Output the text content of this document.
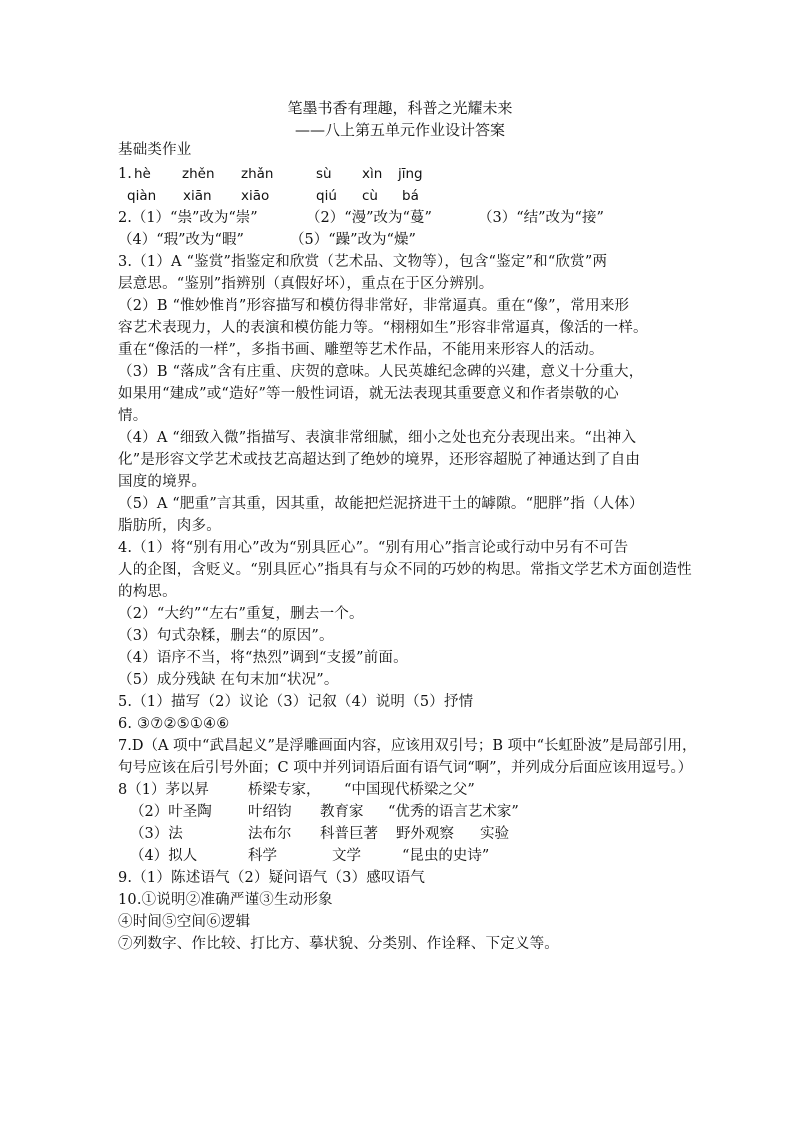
笔墨书香有理趣，科普之光耀未来
——八上第五单元作业设计答案
基础类作业
1. hè zhěn zhǎn	sù xìn jīng
qiàn xiān xiāo	qiú cù bá
2.（1）“祟”改为“崇”	（2）“漫”改为“蔓”	（3）“结”改为“接”
（4）“瑕”改为“暇”	（5）“躁”改为“燥”
3.（1）A “鉴赏”指鉴定和欣赏（艺术品、文物等），包含“鉴定”和“欣赏”两
层意思。“鉴别”指辨别（真假好坏），重点在于区分辨别。
（2）B “惟妙惟肖”形容描写和模仿得非常好，非常逼真。重在“像”，常用来形
容艺术表现力，人的表演和模仿能力等。“栩栩如生”形容非常逼真，像活的一样。
重在“像活的一样”，多指书画、雕塑等艺术作品，不能用来形容人的活动。
（3）B “落成”含有庄重、庆贺的意味。人民英雄纪念碑的兴建，意义十分重大，
如果用“建成”或“造好”等一般性词语，就无法表现其重要意义和作者崇敬的心
情。
（4）A “细致入微”指描写、表演非常细腻，细小之处也充分表现出来。“出神入
化”是形容文学艺术或技艺高超达到了绝妙的境界，还形容超脱了神通达到了自由
国度的境界。
（5）A “肥重”言其重，因其重，故能把烂泥挤进干土的罅隙。“肥胖”指（人体）
脂肪所，肉多。
4.（1）将“别有用心”改为“别具匠心”。“别有用心”指言论或行动中另有不可告
人的企图，含贬义。“别具匠心”指具有与众不同的巧妙的构思。常指文学艺术方面创造性
的构思。
（2）“大约”“左右”重复，删去一个。
（3）句式杂糅，删去“的原因”。
（4）语序不当，将“热烈”调到“支援”前面。
（5）成分残缺 在句末加“状况”。
5.（1）描写（2）议论（3）记叙（4）说明（5）抒情
6. ③⑦②⑤①④⑥
7.D（A 项中“武昌起义”是浮雕画面内容，应该用双引号；B 项中“长虹卧波”是局部引用，
句号应该在后引号外面；C 项中并列词语后面有语气词“啊”，并列成分后面应该用逗号。）
8（1）茅以昇	桥梁专家， “中国现代桥梁之父”
（2）叶圣陶	叶绍钧 教育家 “优秀的语言艺术家”
（3）法	法布尔 科普巨著 野外观察 实验
（4）拟人	科学	文学	“昆虫的史诗”
9.（1）陈述语气（2）疑问语气（3）感叹语气
10.①说明②准确严谨③生动形象
④时间⑤空间⑥逻辑
⑦列数字、作比较、打比方、摹状貌、分类别、作诠释、下定义等。
